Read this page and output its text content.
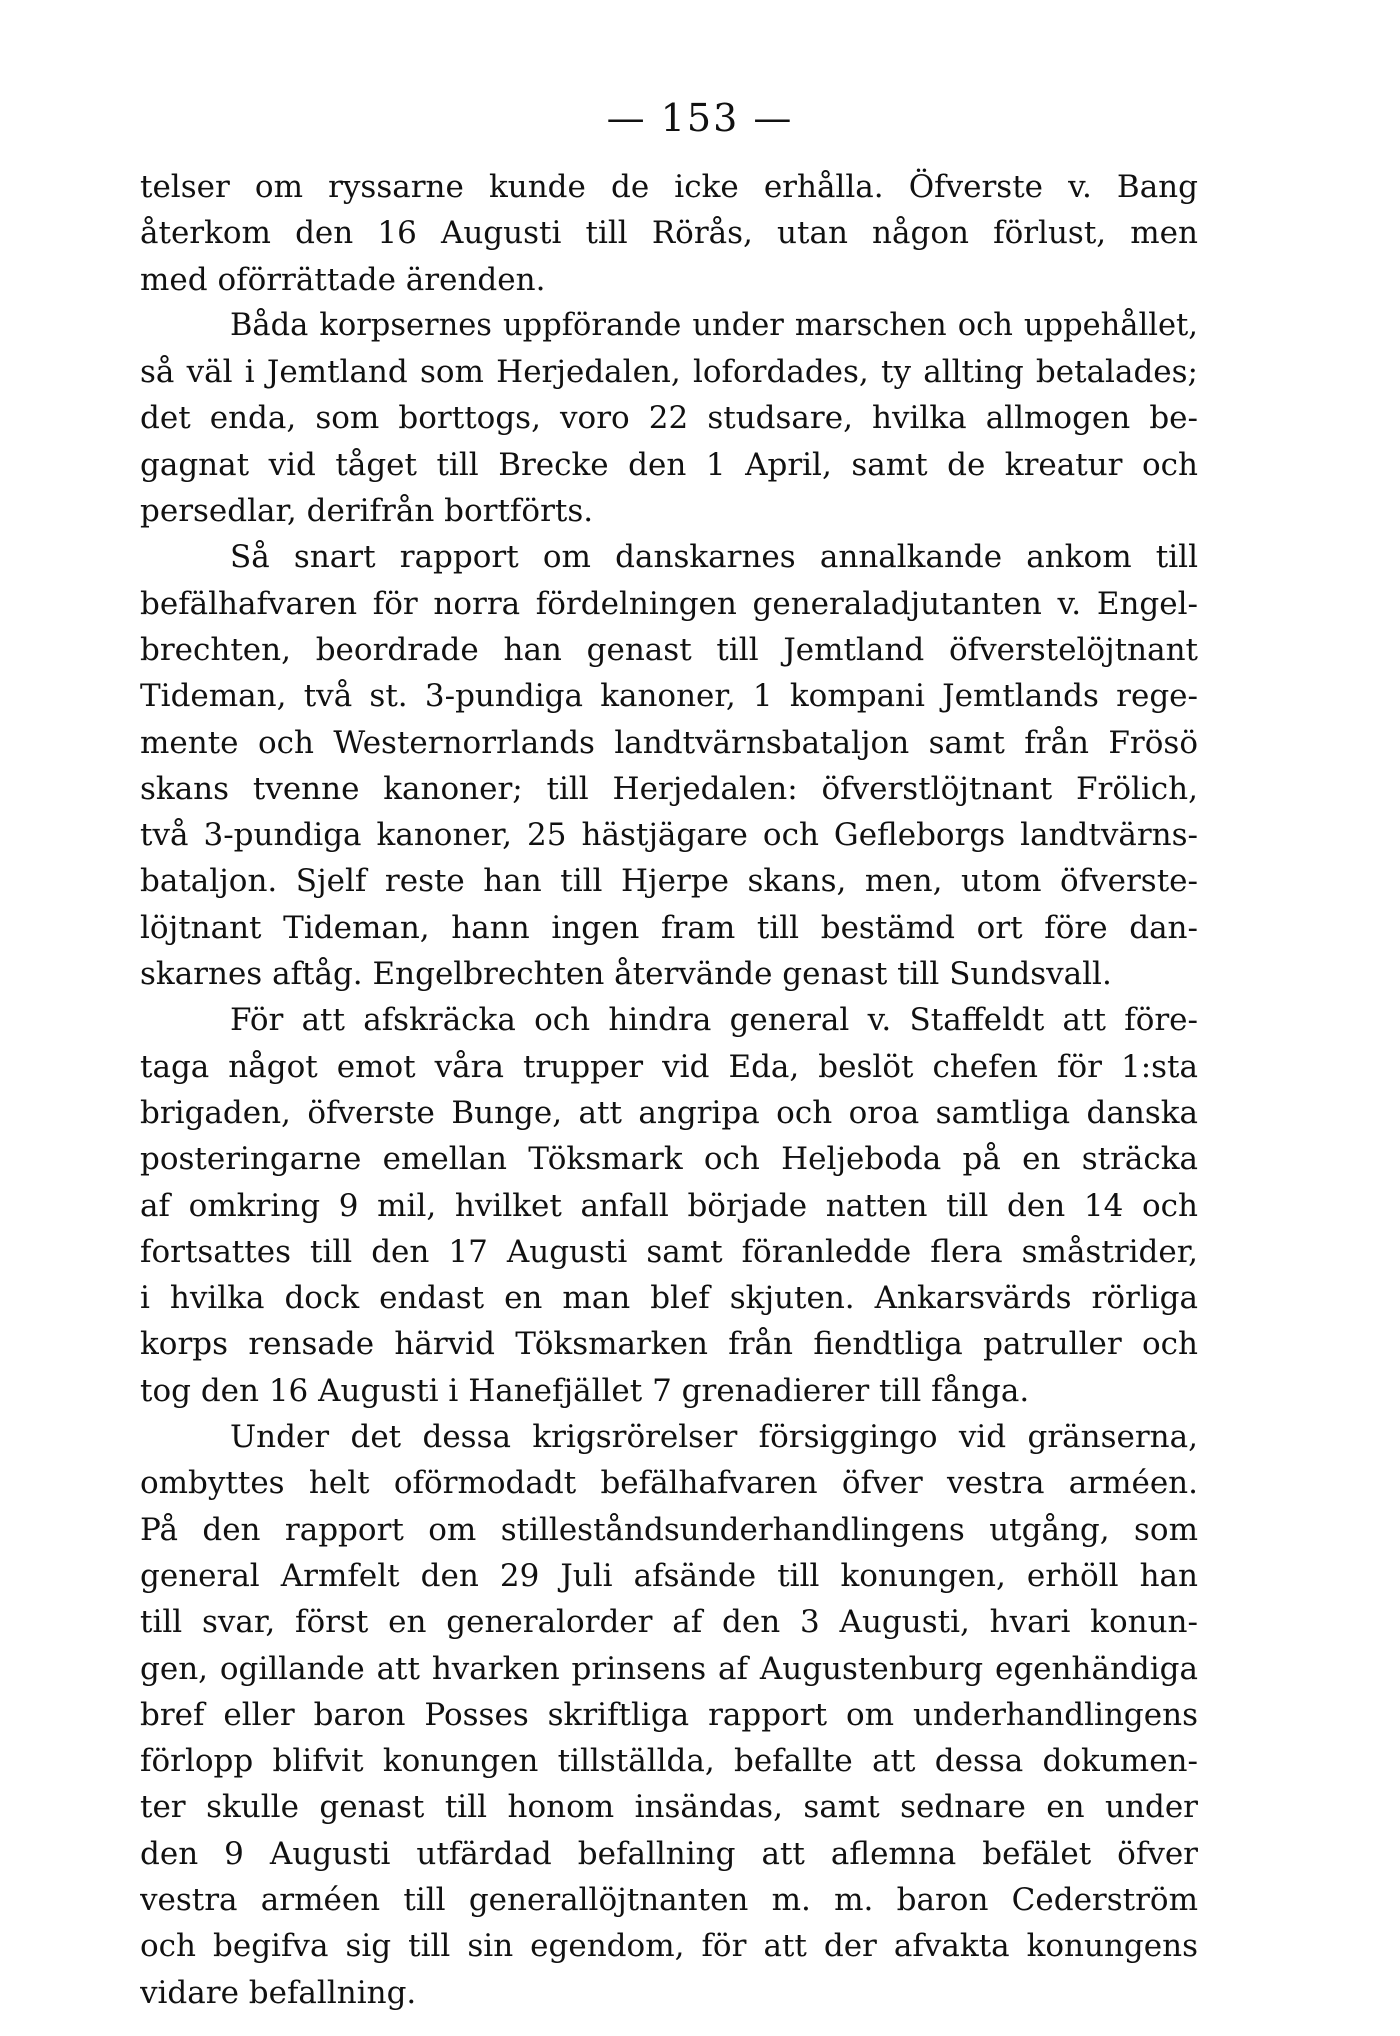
— 153 —
telser om ryssarne kunde de icke erhålla. Öfverste v. Bang
återkom den 16 Augusti till Rörås, utan någon förlust, men
med oförrättade ärenden.
Båda korpsernes uppförande under marschen och uppehållet,
så väl i Jemtland som Herjedalen, lofordades, ty allting betalades;
det enda, som borttogs, voro 22 studsare, hvilka allmogen be-
gagnat vid tåget till Brecke den 1 April, samt de kreatur och
persedlar, derifrån bortförts.
Så snart rapport om danskarnes annalkande ankom till
befälhafvaren för norra fördelningen generaladjutanten v. Engel-
brechten, beordrade han genast till Jemtland öfverstelöjtnant
Tideman, två st. 3-pundiga kanoner, 1 kompani Jemtlands rege-
mente och Westernorrlands landtvärnsbataljon samt från Frösö
skans tvenne kanoner; till Herjedalen: öfverstlöjtnant Frölich,
två 3-pundiga kanoner, 25 hästjägare och Gefleborgs landtvärns-
bataljon. Sjelf reste han till Hjerpe skans, men, utom öfverste-
löjtnant Tideman, hann ingen fram till bestämd ort före dan-
skarnes aftåg. Engelbrechten återvände genast till Sundsvall.
För att afskräcka och hindra general v. Staffeldt att före-
taga något emot våra trupper vid Eda, beslöt chefen för 1:sta
brigaden, öfverste Bunge, att angripa och oroa samtliga danska
posteringarne emellan Töksmark och Heljeboda på en sträcka
af omkring 9 mil, hvilket anfall började natten till den 14 och
fortsattes till den 17 Augusti samt föranledde flera småstrider,
i hvilka dock endast en man blef skjuten. Ankarsvärds rörliga
korps rensade härvid Töksmarken från fiendtliga patruller och
tog den 16 Augusti i Hanefjället 7 grenadierer till fånga.
Under det dessa krigsrörelser försiggingo vid gränserna,
ombyttes helt oförmodadt befälhafvaren öfver vestra arméen.
På den rapport om stilleståndsunderhandlingens utgång, som
general Armfelt den 29 Juli afsände till konungen, erhöll han
till svar, först en generalorder af den 3 Augusti, hvari konun-
gen, ogillande att hvarken prinsens af Augustenburg egenhändiga
bref eller baron Posses skriftliga rapport om underhandlingens
förlopp blifvit konungen tillställda, befallte att dessa dokumen-
ter skulle genast till honom insändas, samt sednare en under
den 9 Augusti utfärdad befallning att aflemna befälet öfver
vestra arméen till generallöjtnanten m. m. baron Cederström
och begifva sig till sin egendom, för att der afvakta konungens
vidare befallning.
